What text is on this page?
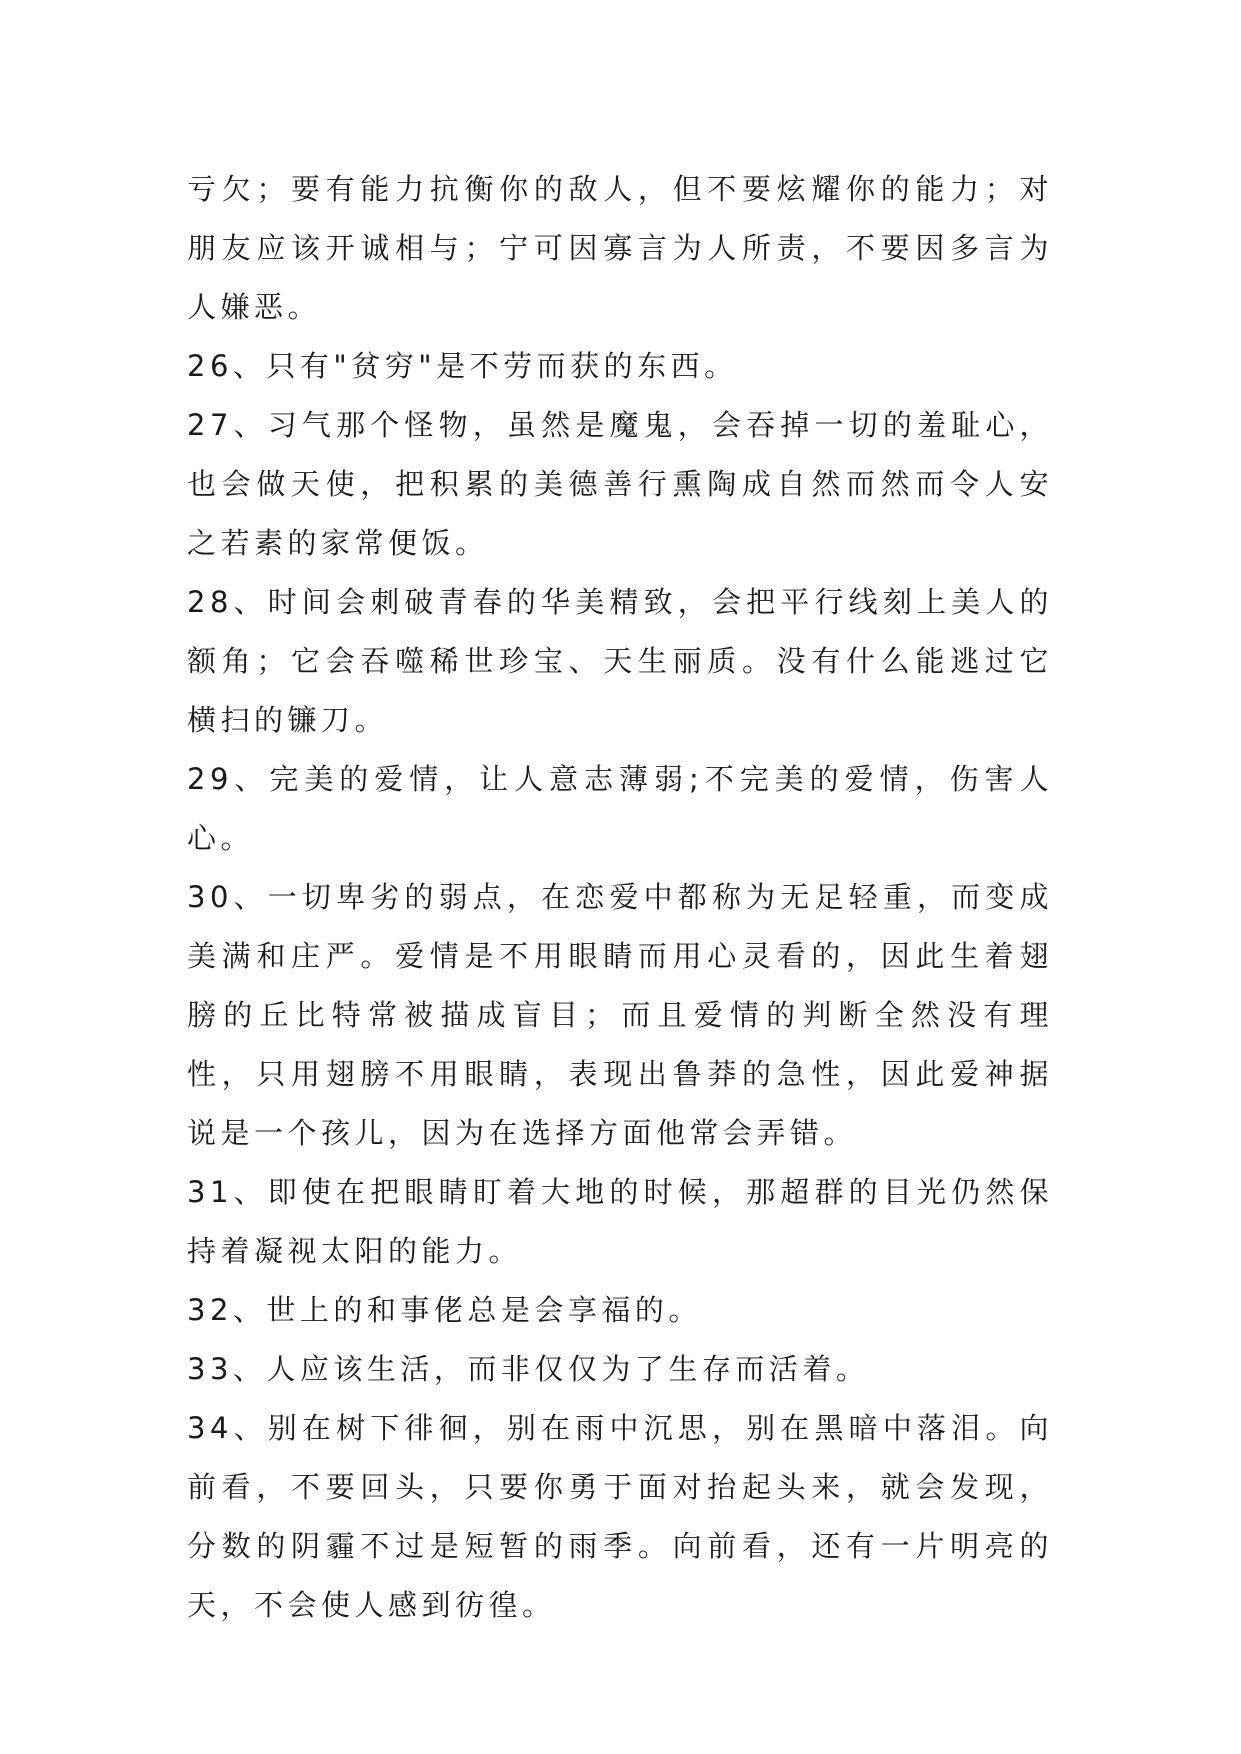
亏欠；要有能力抗衡你的敌人，但不要炫耀你的能力；对朋友应该开诚相与；宁可因寡言为人所责，不要因多言为人嫌恶。

26、只有"贫穷"是不劳而获的东西。

27、习气那个怪物，虽然是魔鬼，会吞掉一切的羞耻心，也会做天使，把积累的美德善行熏陶成自然而然而令人安之若素的家常便饭。

28、时间会刺破青春的华美精致，会把平行线刻上美人的额角；它会吞噬稀世珍宝、天生丽质。没有什么能逃过它横扫的镰刀。

29、完美的爱情，让人意志薄弱;不完美的爱情，伤害人心。

30、一切卑劣的弱点，在恋爱中都称为无足轻重，而变成美满和庄严。爱情是不用眼睛而用心灵看的，因此生着翅膀的丘比特常被描成盲目；而且爱情的判断全然没有理性，只用翅膀不用眼睛，表现出鲁莽的急性，因此爱神据说是一个孩儿，因为在选择方面他常会弄错。

31、即使在把眼睛盯着大地的时候，那超群的目光仍然保持着凝视太阳的能力。

32、世上的和事佬总是会享福的。

33、人应该生活，而非仅仅为了生存而活着。

34、别在树下徘徊，别在雨中沉思，别在黑暗中落泪。向前看，不要回头，只要你勇于面对抬起头来，就会发现，分数的阴霾不过是短暂的雨季。向前看，还有一片明亮的天，不会使人感到彷徨。
